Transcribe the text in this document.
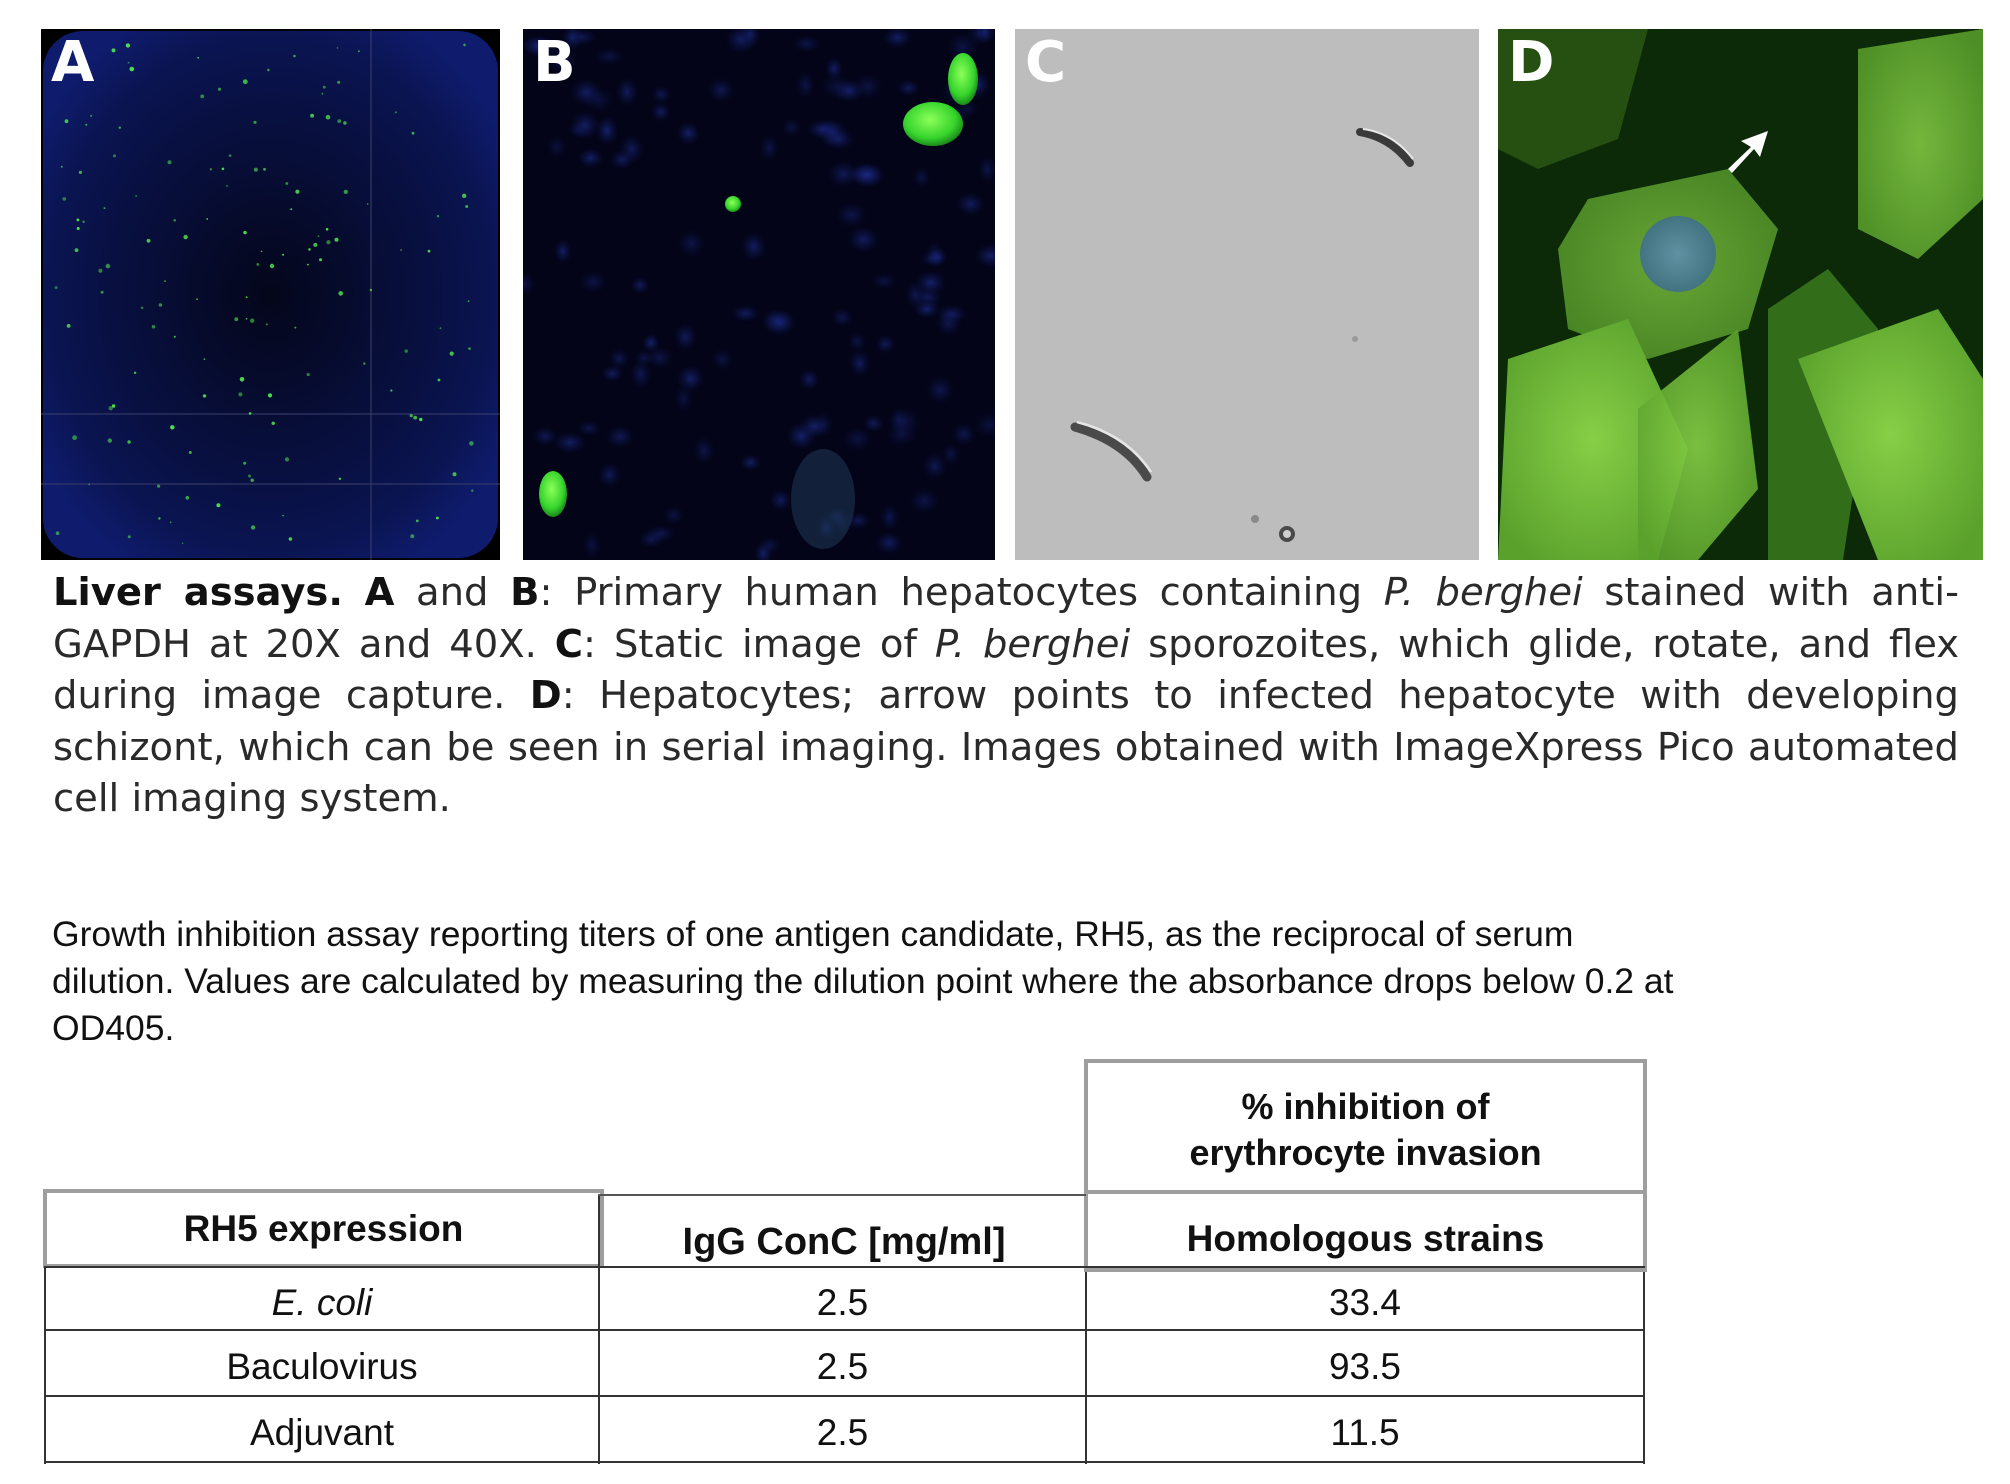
A	B	C	D
Liver assays. A and B: Primary human hepatocytes containing P. berghei stained with anti-GAPDH at 20X and 40X. C: Static image of P. berghei sporozoites, which glide, rotate, and flex during image capture. D: Hepatocytes; arrow points to infected hepatocyte with developing schizont, which can be seen in serial imaging. Images obtained with ImageXpress Pico automated cell imaging system.
Growth inhibition assay reporting titers of one antigen candidate, RH5, as the reciprocal of serum dilution. Values are calculated by measuring the dilution point where the absorbance drops below 0.2 at OD405.
% inhibition of erythrocyte invasion
RH5 expression	IgG ConC [mg/ml]	Homologous strains
E. coli	2.5	33.4
Baculovirus	2.5	93.5
Adjuvant	2.5	11.5
